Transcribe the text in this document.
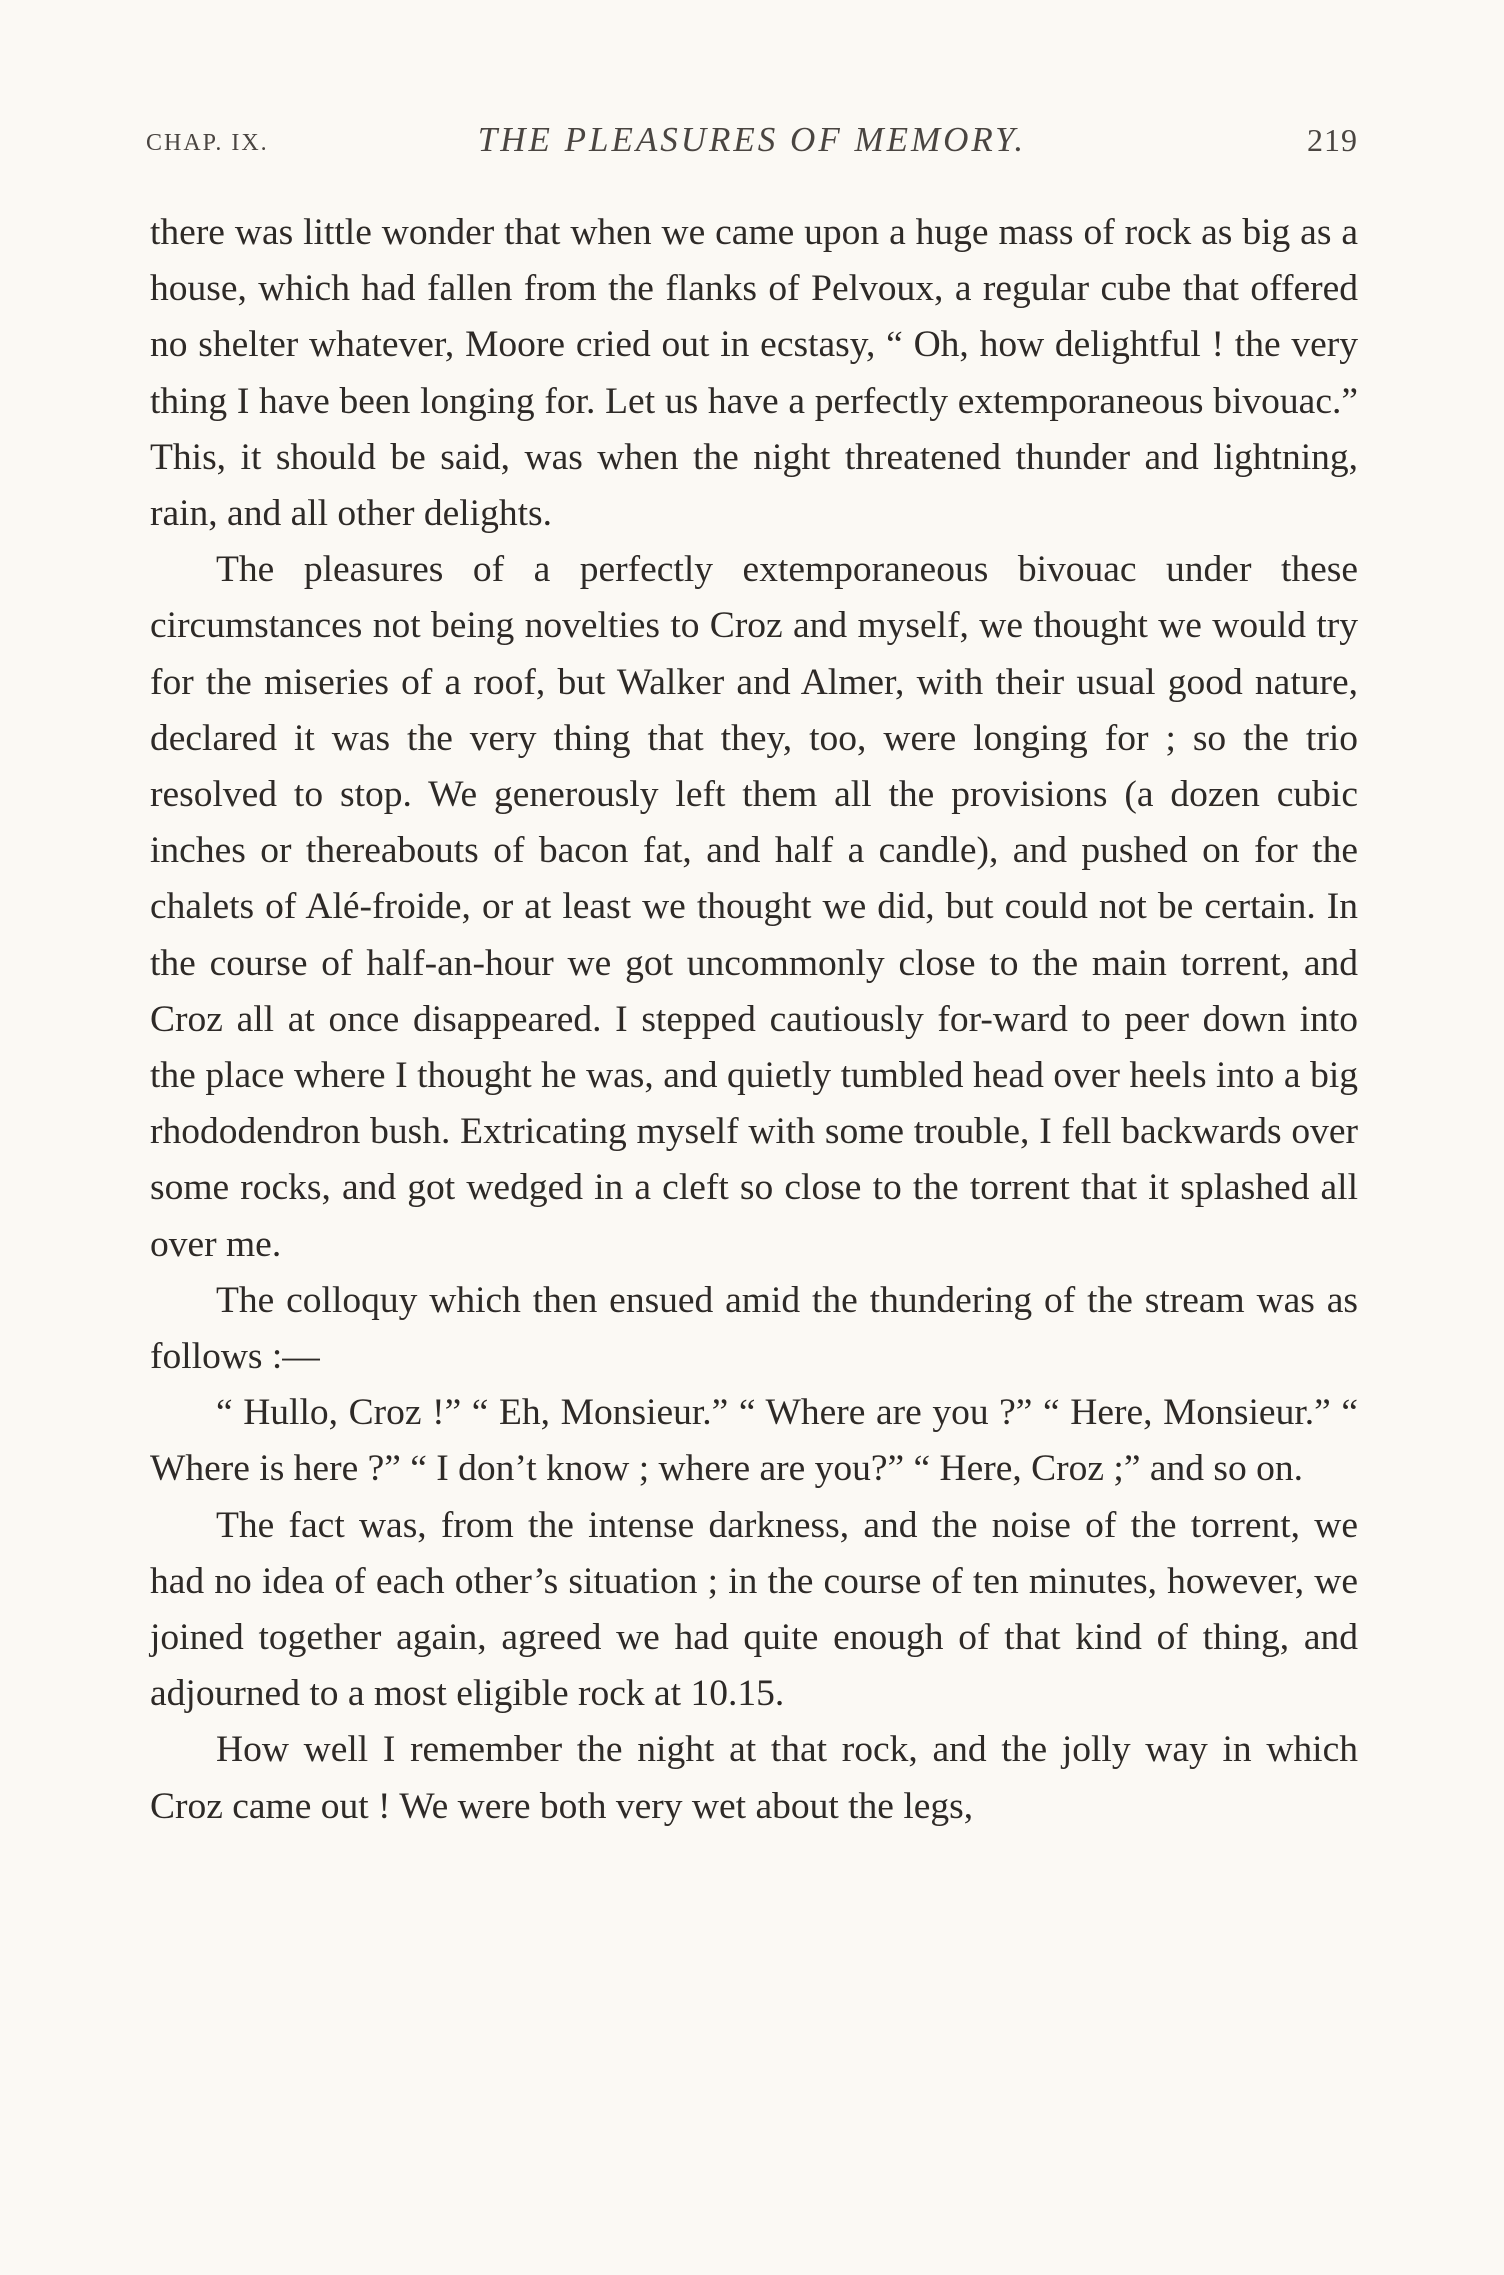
CHAP. IX.	THE PLEASURES OF MEMORY.	219

there was little wonder that when we came upon a huge mass of rock as big as a house, which had fallen from the flanks of Pelvoux, a regular cube that offered no shelter whatever, Moore cried out in ecstasy, “ Oh, how delightful ! the very thing I have been longing for. Let us have a perfectly extemporaneous bivouac.” This, it should be said, was when the night threatened thunder and lightning, rain, and all other delights.

The pleasures of a perfectly extemporaneous bivouac under these circumstances not being novelties to Croz and myself, we thought we would try for the miseries of a roof, but Walker and Almer, with their usual good nature, declared it was the very thing that they, too, were longing for ; so the trio resolved to stop. We generously left them all the provisions (a dozen cubic inches or thereabouts of bacon fat, and half a candle), and pushed on for the chalets of Alé-froide, or at least we thought we did, but could not be certain. In the course of half-an-hour we got uncommonly close to the main torrent, and Croz all at once disappeared. I stepped cautiously for-ward to peer down into the place where I thought he was, and quietly tumbled head over heels into a big rhododendron bush. Extricating myself with some trouble, I fell backwards over some rocks, and got wedged in a cleft so close to the torrent that it splashed all over me.

The colloquy which then ensued amid the thundering of the stream was as follows :—

“ Hullo, Croz !” “ Eh, Monsieur.” “ Where are you ?” “ Here, Monsieur.” “ Where is here ?” “ I don’t know ; where are you?” “ Here, Croz ;” and so on.

The fact was, from the intense darkness, and the noise of the torrent, we had no idea of each other’s situation ; in the course of ten minutes, however, we joined together again, agreed we had quite enough of that kind of thing, and adjourned to a most eligible rock at 10.15.

How well I remember the night at that rock, and the jolly way in which Croz came out ! We were both very wet about the legs,
